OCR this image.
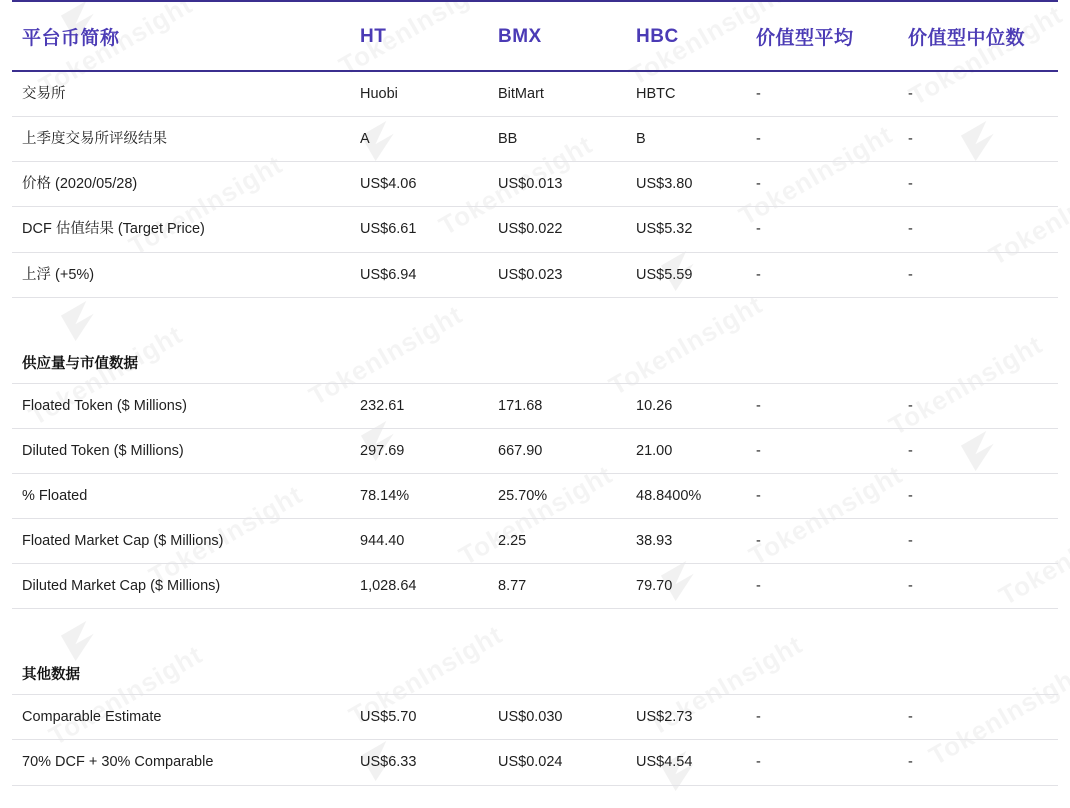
平台币简称	HT	BMX	HBC	价值型平均	价值型中位数
交易所	Huobi	BitMart	HBTC	-	-
上季度交易所评级结果	A	BB	B	-	-
价格 (2020/05/28)	US$4.06	US$0.013	US$3.80	-	-
DCF 估值结果 (Target Price)	US$6.61	US$0.022	US$5.32	-	-
上浮 (+5%)	US$6.94	US$0.023	US$5.59	-	-

供应量与市值数据					
Floated Token ($ Millions)	232.61	171.68	10.26	-	-
Diluted Token ($ Millions)	297.69	667.90	21.00	-	-
% Floated	78.14%	25.70%	48.8400%	-	-
Floated Market Cap ($ Millions)	944.40	2.25	38.93	-	-
Diluted Market Cap ($ Millions)	1,028.64	8.77	79.70	-	-

其他数据					
Comparable Estimate	US$5.70	US$0.030	US$2.73	-	-
70% DCF + 30% Comparable	US$6.33	US$0.024	US$4.54	-	-
